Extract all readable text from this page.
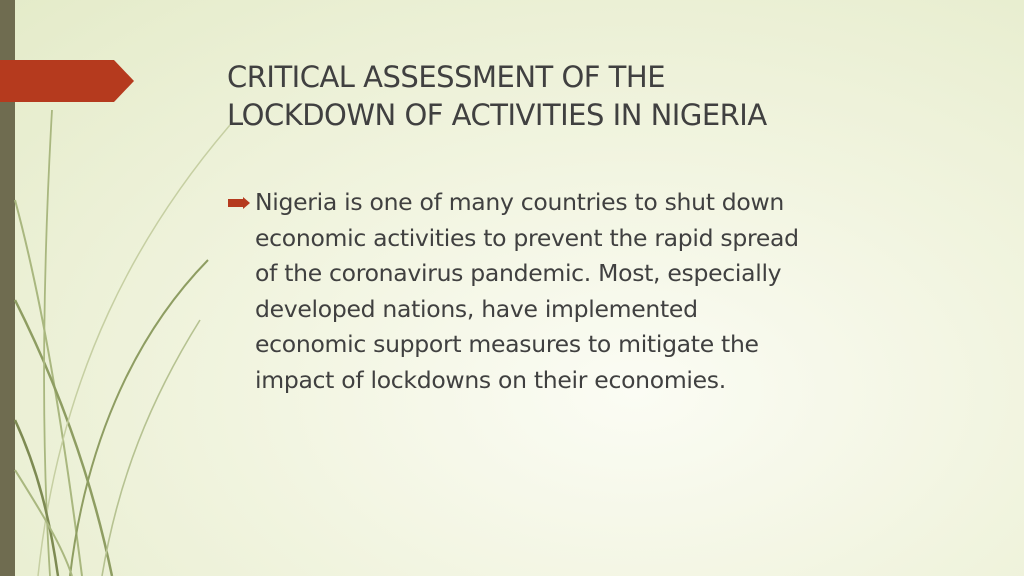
CRITICAL ASSESSMENT OF THE
LOCKDOWN OF ACTIVITIES IN NIGERIA
Nigeria is one of many countries to shut down
economic activities to prevent the rapid spread
of the coronavirus pandemic. Most, especially
developed nations, have implemented
economic support measures to mitigate the
impact of lockdowns on their economies.
